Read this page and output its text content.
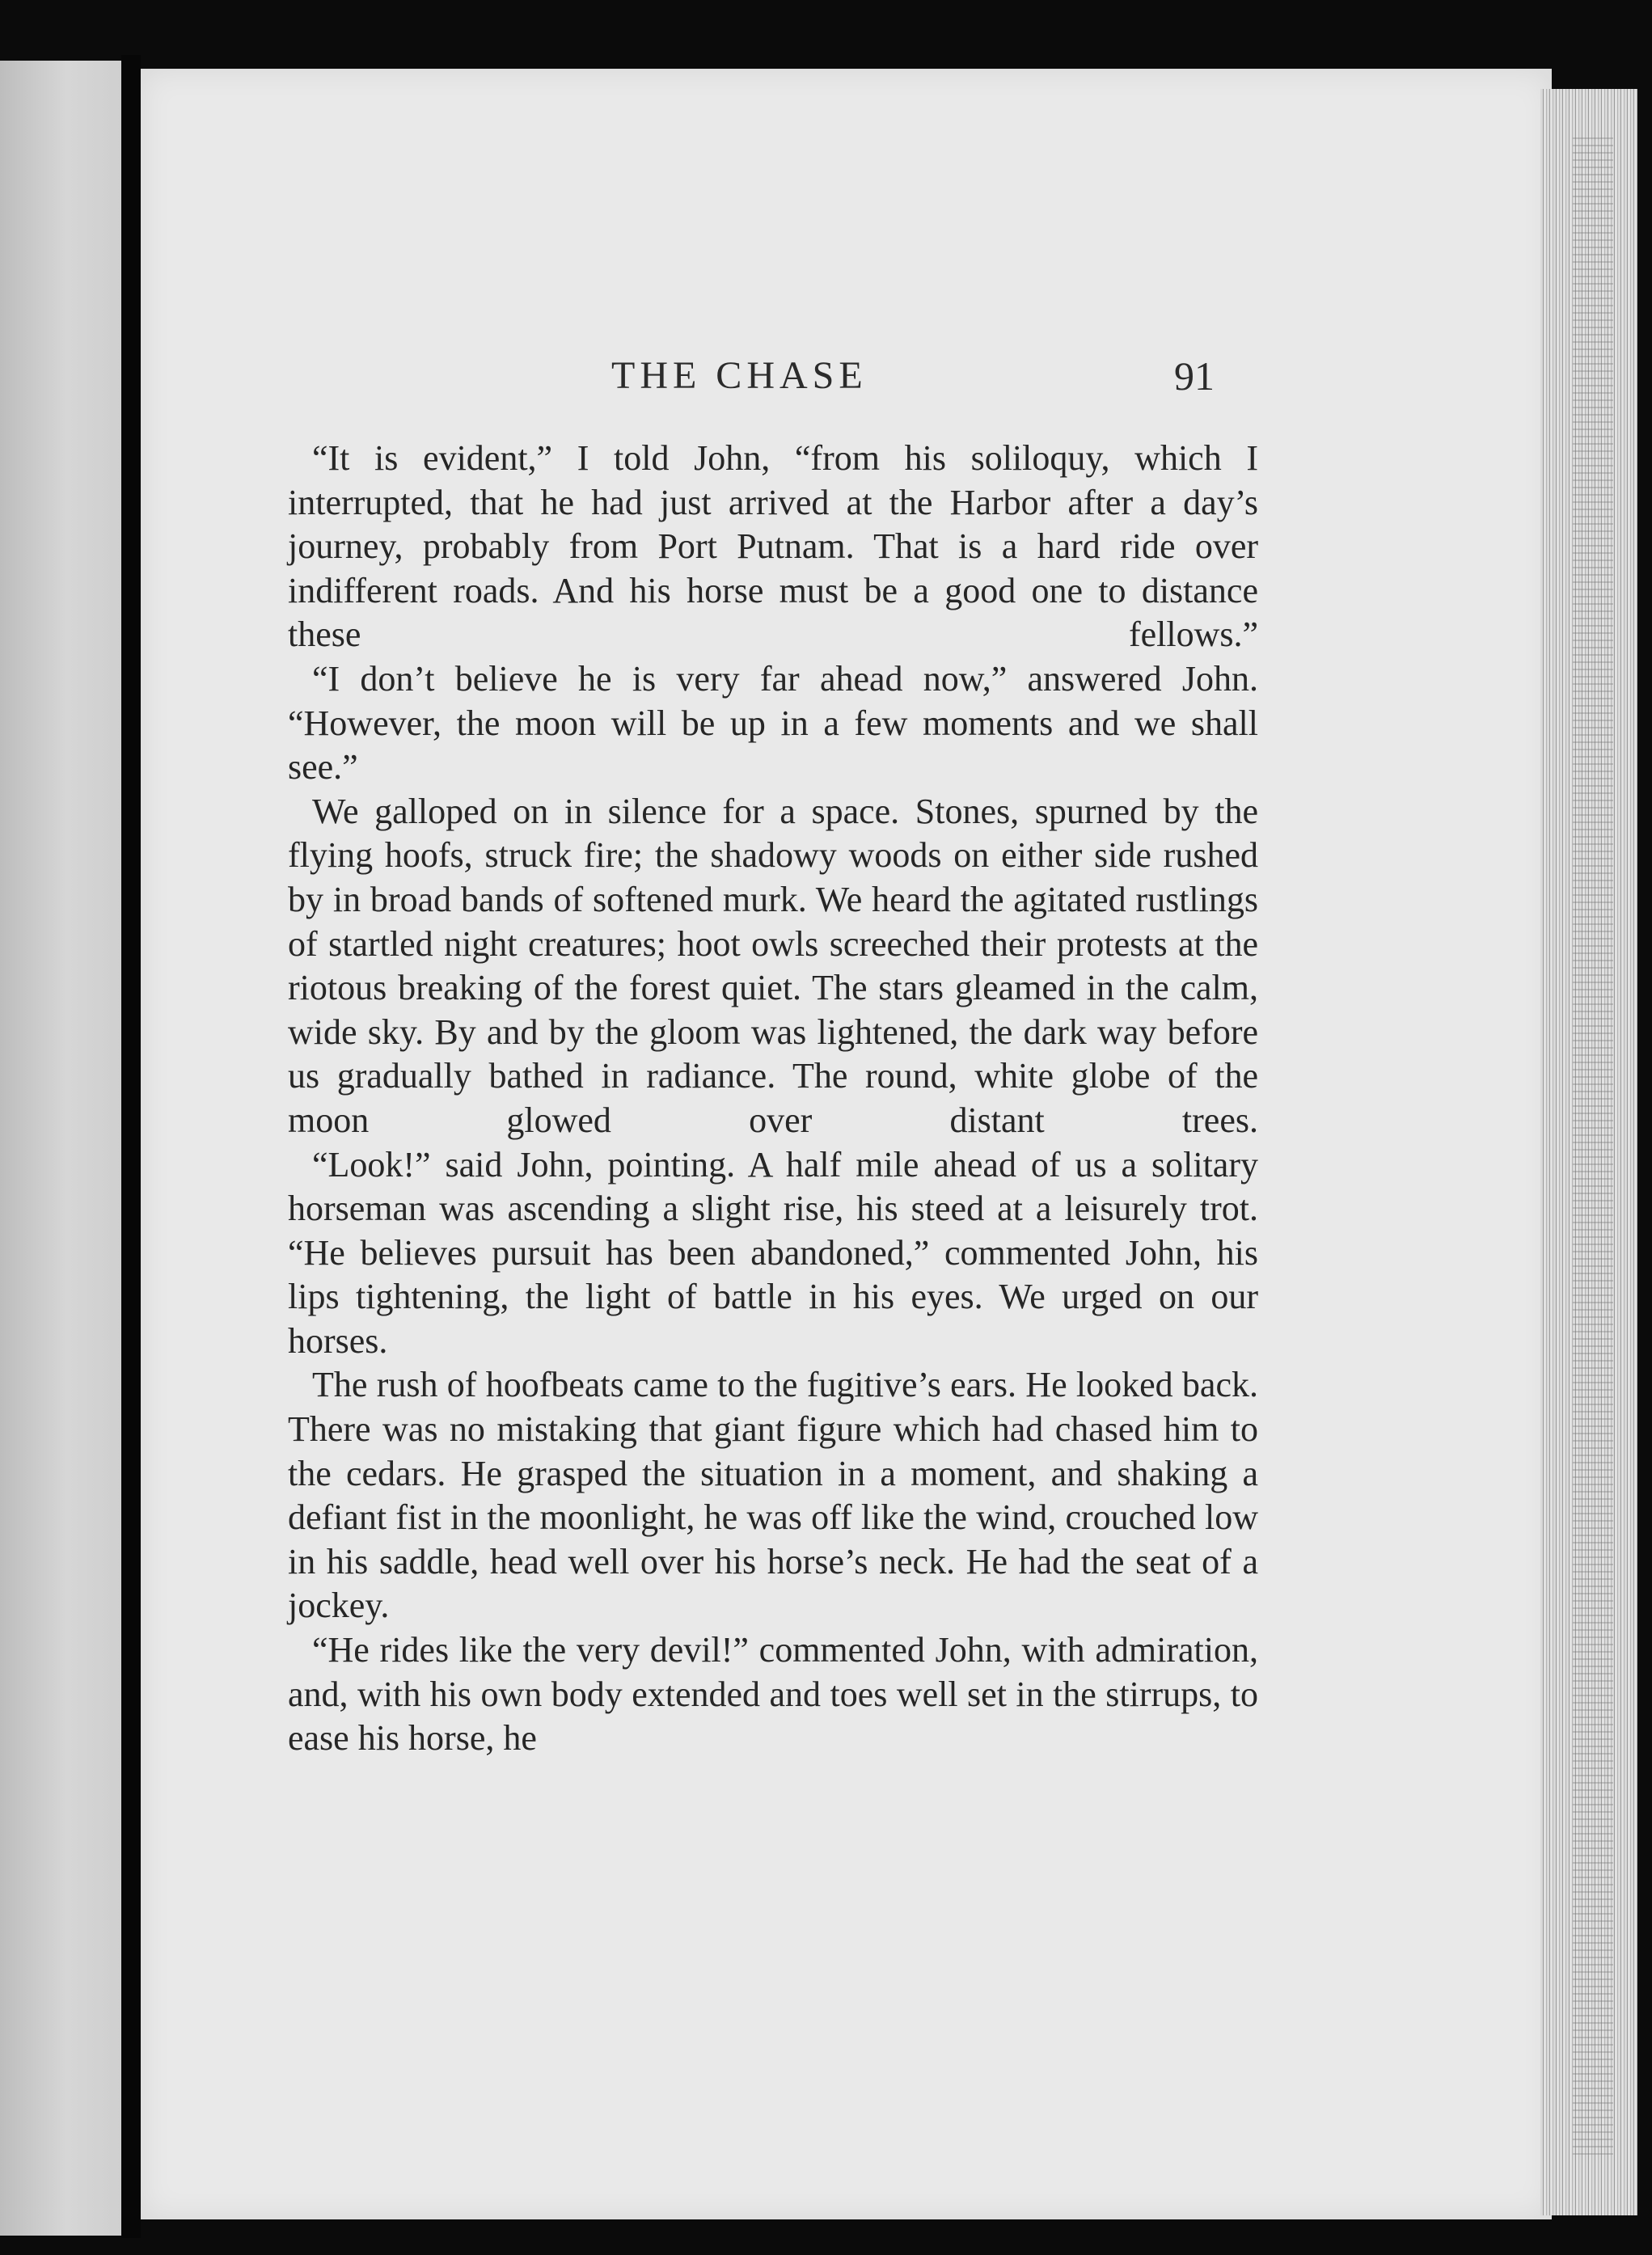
THE CHASE	91

“It is evident,” I told John, “from his soliloquy, which I interrupted, that he had just arrived at the Harbor after a day’s journey, probably from Port Putnam. That is a hard ride over indifferent roads. And his horse must be a good one to distance these fellows.”

“I don’t believe he is very far ahead now,” answered John. “However, the moon will be up in a few moments and we shall see.”

We galloped on in silence for a space. Stones, spurned by the flying hoofs, struck fire; the shadowy woods on either side rushed by in broad bands of softened murk. We heard the agitated rustlings of startled night creatures; hoot owls screeched their protests at the riotous breaking of the forest quiet. The stars gleamed in the calm, wide sky. By and by the gloom was lightened, the dark way before us gradually bathed in radiance. The round, white globe of the moon glowed over distant trees.

“Look!” said John, pointing. A half mile ahead of us a solitary horseman was ascending a slight rise, his steed at a leisurely trot. “He believes pursuit has been abandoned,” commented John, his lips tightening, the light of battle in his eyes. We urged on our horses.

The rush of hoofbeats came to the fugitive’s ears. He looked back. There was no mistaking that giant figure which had chased him to the cedars. He grasped the situation in a moment, and shaking a defiant fist in the moonlight, he was off like the wind, crouched low in his saddle, head well over his horse’s neck. He had the seat of a jockey.

“He rides like the very devil!” commented John, with admiration, and, with his own body extended and toes well set in the stirrups, to ease his horse, he
